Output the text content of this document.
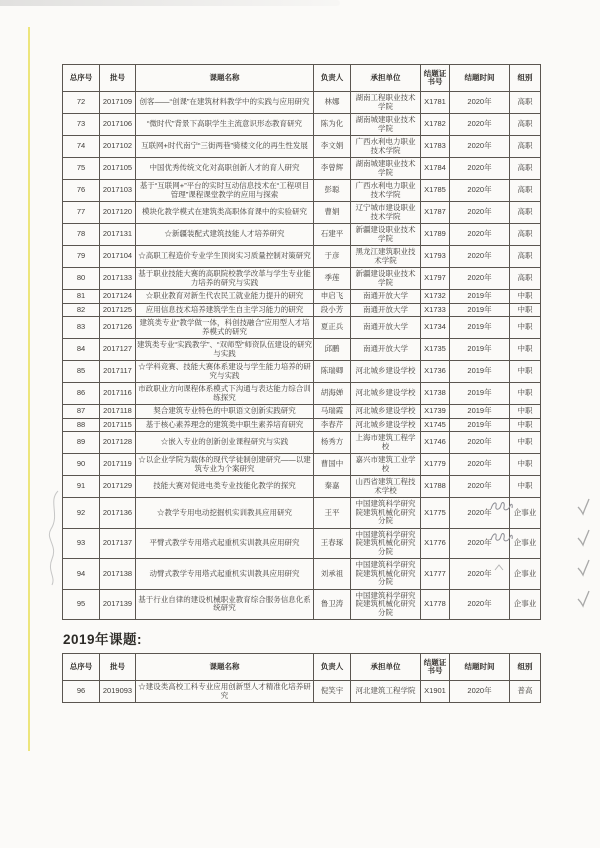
总序号	批号	课题名称	负责人	承担单位	结题证书号	结题时间	组别
72	2017109	创客——“创课”在建筑材料教学中的实践与应用研究	林娜	湖南工程职业技术学院	X1781	2020年	高职
73	2017106	“微时代”背景下高职学生主流意识形态教育研究	陈为化	湖南城建职业技术学院	X1782	2020年	高职
74	2017102	互联网+时代南宁“三街两巷”骑楼文化的再生性发展	李文娟	广西水利电力职业技术学院	X1783	2020年	高职
75	2017105	中国优秀传统文化对高职创新人才的育人研究	李曾辉	湖南城建职业技术学院	X1784	2020年	高职
76	2017103	基于“互联网+”平台的实时互动信息技术在“工程项目管理”课程课堂教学的应用与探索	彭聪	广西水利电力职业技术学院	X1785	2020年	高职
77	2017120	模块化教学模式在建筑类高职体育课中的实验研究	曹娟	辽宁城市建设职业技术学院	X1787	2020年	高职
78	2017131	☆新疆装配式建筑技能人才培养研究	石建平	新疆建设职业技术学院	X1789	2020年	高职
79	2017104	☆高职工程造价专业学生顶岗实习质量控制对策研究	于彦	黑龙江建筑职业技术学院	X1793	2020年	高职
80	2017133	基于职业技能大赛的高职院校教学改革与学生专业能力培养的研究与实践	季莲	新疆建设职业技术学院	X1797	2020年	高职
81	2017124	☆职业教育对新生代农民工就业能力提升的研究	申启飞	南通开放大学	X1732	2019年	中职
82	2017125	应用信息技术培养建筑学生自主学习能力的研究	段小芳	南通开放大学	X1733	2019年	中职
83	2017126	建筑类专业“教学做一体，科创技融合”应用型人才培养模式的研究	夏正兵	南通开放大学	X1734	2019年	中职
84	2017127	建筑类专业“实践教学”、“双师型”师资队伍建设的研究与实践	邱鹏	南通开放大学	X1735	2019年	中职
85	2017117	☆学科竞赛、技能大赛体系建设与学生能力培养的研究与实践	陈瑞卿	河北城乡建设学校	X1736	2019年	中职
86	2017116	市政职业方向课程体系模式下沟通与表达能力综合训练探究	胡海婵	河北城乡建设学校	X1738	2019年	中职
87	2017118	契合建筑专业特色的中职语文创新实践研究	马瑞霞	河北城乡建设学校	X1739	2019年	中职
88	2017115	基于核心素养理念的建筑类中职生素养培育研究	李春芹	河北城乡建设学校	X1745	2019年	中职
89	2017128	☆嵌入专业的创新创业课程研究与实践	杨秀方	上海市建筑工程学校	X1746	2020年	中职
90	2017119	☆以企业学院为载体的现代学徒制创建研究——以建筑专业为个案研究	曹国中	嘉兴市建筑工业学校	X1779	2020年	中职
91	2017129	技能大赛对促进电类专业技能化教学的探究	秦嘉	山西省建筑工程技术学校	X1788	2020年	中职
92	2017136	☆教学专用电动挖掘机实训教具应用研究	王平	中国建筑科学研究院建筑机械化研究分院	X1775	2020年	企事业

93	2017137	平臂式教学专用塔式起重机实训教具应用研究	王春琢	中国建筑科学研究院建筑机械化研究分院	X1776	2020年	企事业

94	2017138	动臂式教学专用塔式起重机实训教具应用研究	刘承祖	中国建筑科学研究院建筑机械化研究分院	X1777	2020年	企事业

95	2017139	基于行业自律的建设机械职业教育综合服务信息化系统研究	鲁卫涛	中国建筑科学研究院建筑机械化研究分院	X1778	2020年	企事业
2019年课题:
总序号	批号	课题名称	负责人	承担单位	结题证书号	结题时间	组别
96	2019093	☆建设类高校工科专业应用创新型人才精准化培养研究	倪笑宇	河北建筑工程学院	X1901	2020年	普高
